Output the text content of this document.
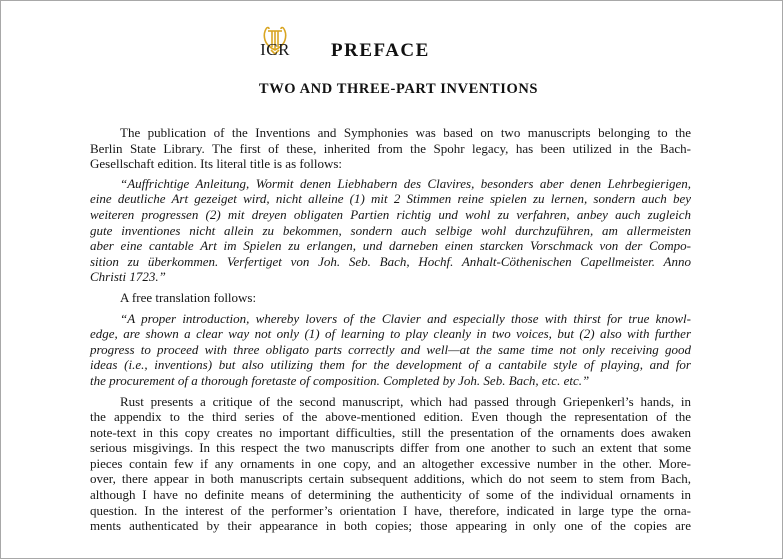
ICR	PREFACE
TWO AND THREE-PART INVENTIONS
The publication of the Inventions and Symphonies was based on two manuscripts belonging to the
Berlin State Library. The first of these, inherited from the Spohr legacy, has been utilized in the Bach-
Gesellschaft edition. Its literal title is as follows:
“Auffrichtige Anleitung, Wormit denen Liebhabern des Clavires, besonders aber denen Lehrbegierigen,
eine deutliche Art gezeiget wird, nicht alleine (1) mit 2 Stimmen reine spielen zu lernen, sondern auch bey
weiteren progressen (2) mit dreyen obligaten Partien richtig und wohl zu verfahren, anbey auch zugleich
gute inventiones nicht allein zu bekommen, sondern auch selbige wohl durchzuführen, am allermeisten
aber eine cantable Art im Spielen zu erlangen, und darneben einen starcken Vorschmack von der Compo-
sition zu überkommen. Verfertiget von Joh. Seb. Bach, Hochf. Anhalt-Cöthenischen Capellmeister. Anno
Christi 1723.”
A free translation follows:
“A proper introduction, whereby lovers of the Clavier and especially those with thirst for true knowl-
edge, are shown a clear way not only (1) of learning to play cleanly in two voices, but (2) also with further
progress to proceed with three obligato parts correctly and well—at the same time not only receiving good
ideas (i.e., inventions) but also utilizing them for the development of a cantabile style of playing, and for
the procurement of a thorough foretaste of composition. Completed by Joh. Seb. Bach, etc. etc.”
Rust presents a critique of the second manuscript, which had passed through Griepenkerl’s hands, in
the appendix to the third series of the above-mentioned edition. Even though the representation of the
note-text in this copy creates no important difficulties, still the presentation of the ornaments does awaken
serious misgivings. In this respect the two manuscripts differ from one another to such an extent that some
pieces contain few if any ornaments in one copy, and an altogether excessive number in the other. More-
over, there appear in both manuscripts certain subsequent additions, which do not seem to stem from Bach,
although I have no definite means of determining the authenticity of some of the individual ornaments in
question. In the interest of the performer’s orientation I have, therefore, indicated in large type the orna-
ments authenticated by their appearance in both copies; those appearing in only one of the copies are
